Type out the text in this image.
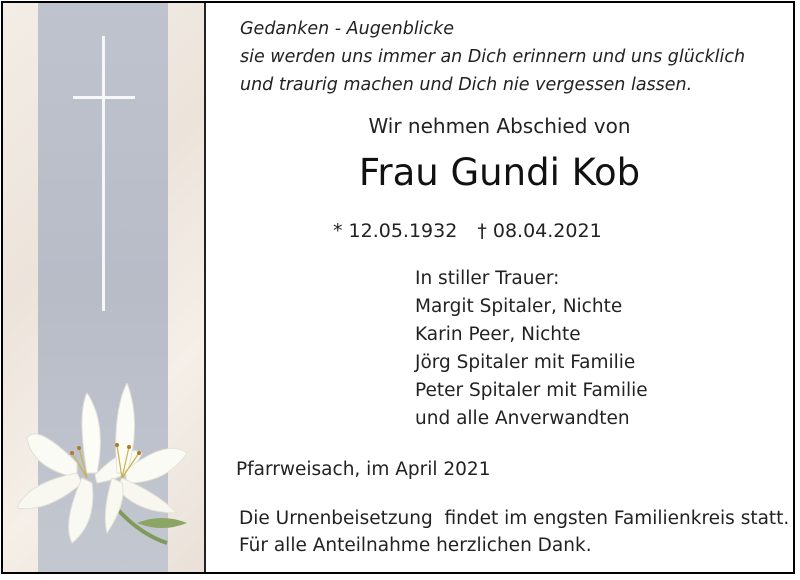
Gedanken - Augenblicke
sie werden uns immer an Dich erinnern und uns glücklich
und traurig machen und Dich nie vergessen lassen.
Wir nehmen Abschied von
Frau Gundi Kob
* 12.05.1932 † 08.04.2021
In stiller Trauer:
Margit Spitaler, Nichte
Karin Peer, Nichte
Jörg Spitaler mit Familie
Peter Spitaler mit Familie
und alle Anverwandten
Pfarrweisach, im April 2021
Die Urnenbeisetzung  findet im engsten Familienkreis statt.
Für alle Anteilnahme herzlichen Dank.
